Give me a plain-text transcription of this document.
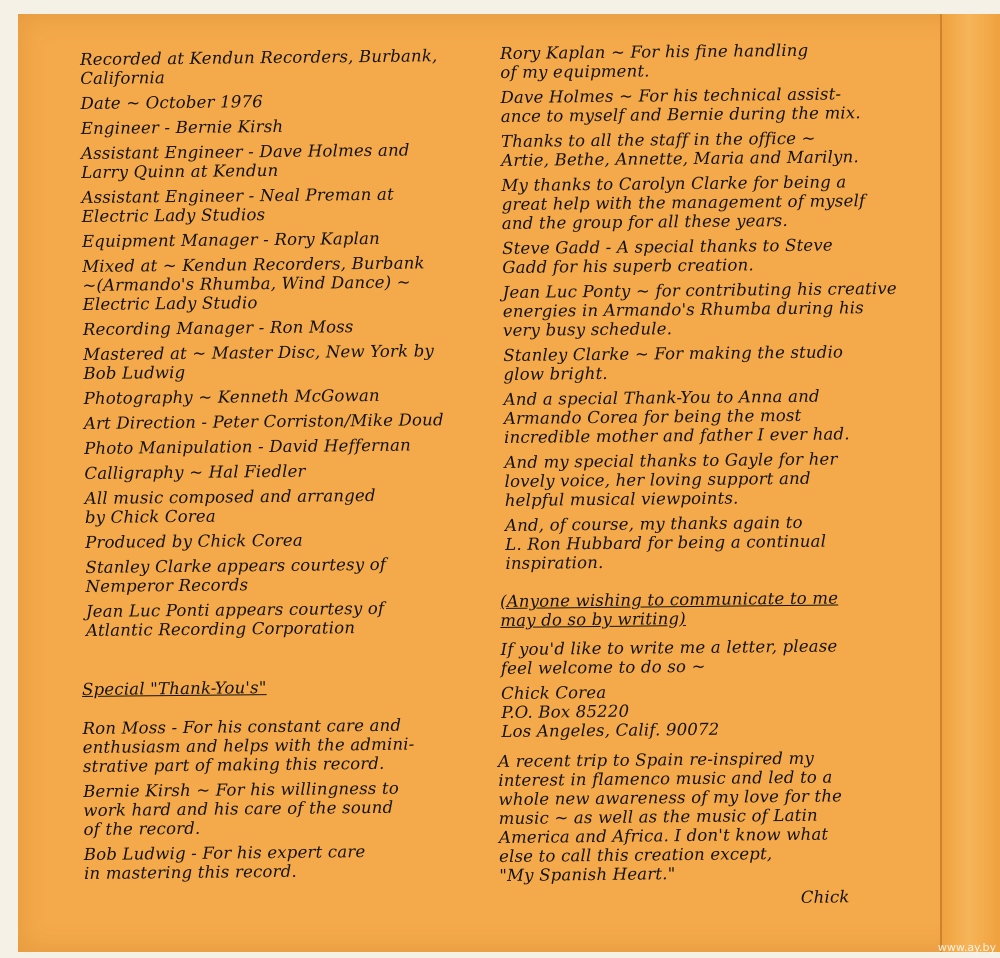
Recorded at Kendun Recorders, Burbank,
California
Date ~ October 1976
Engineer - Bernie Kirsh
Assistant Engineer - Dave Holmes and
Larry Quinn at Kendun
Assistant Engineer - Neal Preman at
Electric Lady Studios
Equipment Manager - Rory Kaplan
Mixed at ~ Kendun Recorders, Burbank
~(Armando's Rhumba, Wind Dance) ~
Electric Lady Studio
Recording Manager - Ron Moss
Mastered at ~ Master Disc, New York by
Bob Ludwig
Photography ~ Kenneth McGowan
Art Direction - Peter Corriston/Mike Doud
Photo Manipulation - David Heffernan
Calligraphy ~ Hal Fiedler
All music composed and arranged
by Chick Corea
Produced by Chick Corea
Stanley Clarke appears courtesy of
Nemperor Records
Jean Luc Ponti appears courtesy of
Atlantic Recording Corporation
Special "Thank-You's"
Ron Moss - For his constant care and
enthusiasm and helps with the admini-
strative part of making this record.
Bernie Kirsh ~ For his willingness to
work hard and his care of the sound
of the record.
Bob Ludwig - For his expert care
in mastering this record.
Rory Kaplan ~ For his fine handling
of my equipment.
Dave Holmes ~ For his technical assist-
ance to myself and Bernie during the mix.
Thanks to all the staff in the office ~
Artie, Bethe, Annette, Maria and Marilyn.
My thanks to Carolyn Clarke for being a
great help with the management of myself
and the group for all these years.
Steve Gadd - A special thanks to Steve
Gadd for his superb creation.
Jean Luc Ponty ~ for contributing his creative
energies in Armando's Rhumba during his
very busy schedule.
Stanley Clarke ~ For making the studio
glow bright.
And a special Thank-You to Anna and
Armando Corea for being the most
incredible mother and father I ever had.
And my special thanks to Gayle for her
lovely voice, her loving support and
helpful musical viewpoints.
And, of course, my thanks again to
L. Ron Hubbard for being a continual
inspiration.
(Anyone wishing to communicate to me
may do so by writing)
If you'd like to write me a letter, please
feel welcome to do so ~
Chick Corea
P.O. Box 85220
Los Angeles, Calif. 90072
A recent trip to Spain re-inspired my
interest in flamenco music and led to a
whole new awareness of my love for the
music ~ as well as the music of Latin
America and Africa. I don't know what
else to call this creation except,
"My Spanish Heart."
Chick
www.ay.by
